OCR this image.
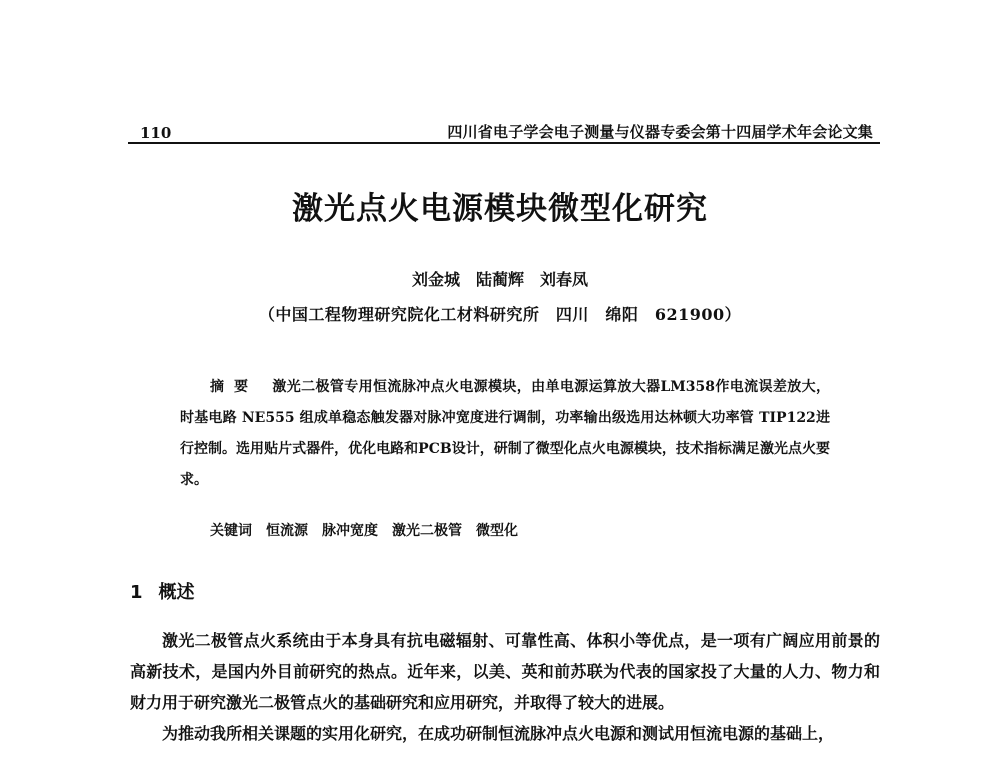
110	四川省电子学会电子测量与仪器专委会第十四届学术年会论文集
激光点火电源模块微型化研究
刘金城　陆蔺辉　刘春凤
（中国工程物理研究院化工材料研究所　四川　绵阳　621900）
摘要 激光二极管专用恒流脉冲点火电源模块，由单电源运算放大器LM358作电流误差放大，时基电路 NE555 组成单稳态触发器对脉冲宽度进行调制，功率输出级选用达林顿大功率管 TIP122进行控制。选用贴片式器件，优化电路和PCB设计，研制了微型化点火电源模块，技术指标满足激光点火要求。
关键词　 恒流源　脉冲宽度　激光二极管　微型化
1 概述

激光二极管点火系统由于本身具有抗电磁辐射、可靠性高、体积小等优点，是一项有广阔应用前景的高新技术，是国内外目前研究的热点。近年来，以美、英和前苏联为代表的国家投了大量的人力、物力和财力用于研究激光二极管点火的基础研究和应用研究，并取得了较大的进展。

为推动我所相关课题的实用化研究，在成功研制恒流脉冲点火电源和测试用恒流电源的基础上，
